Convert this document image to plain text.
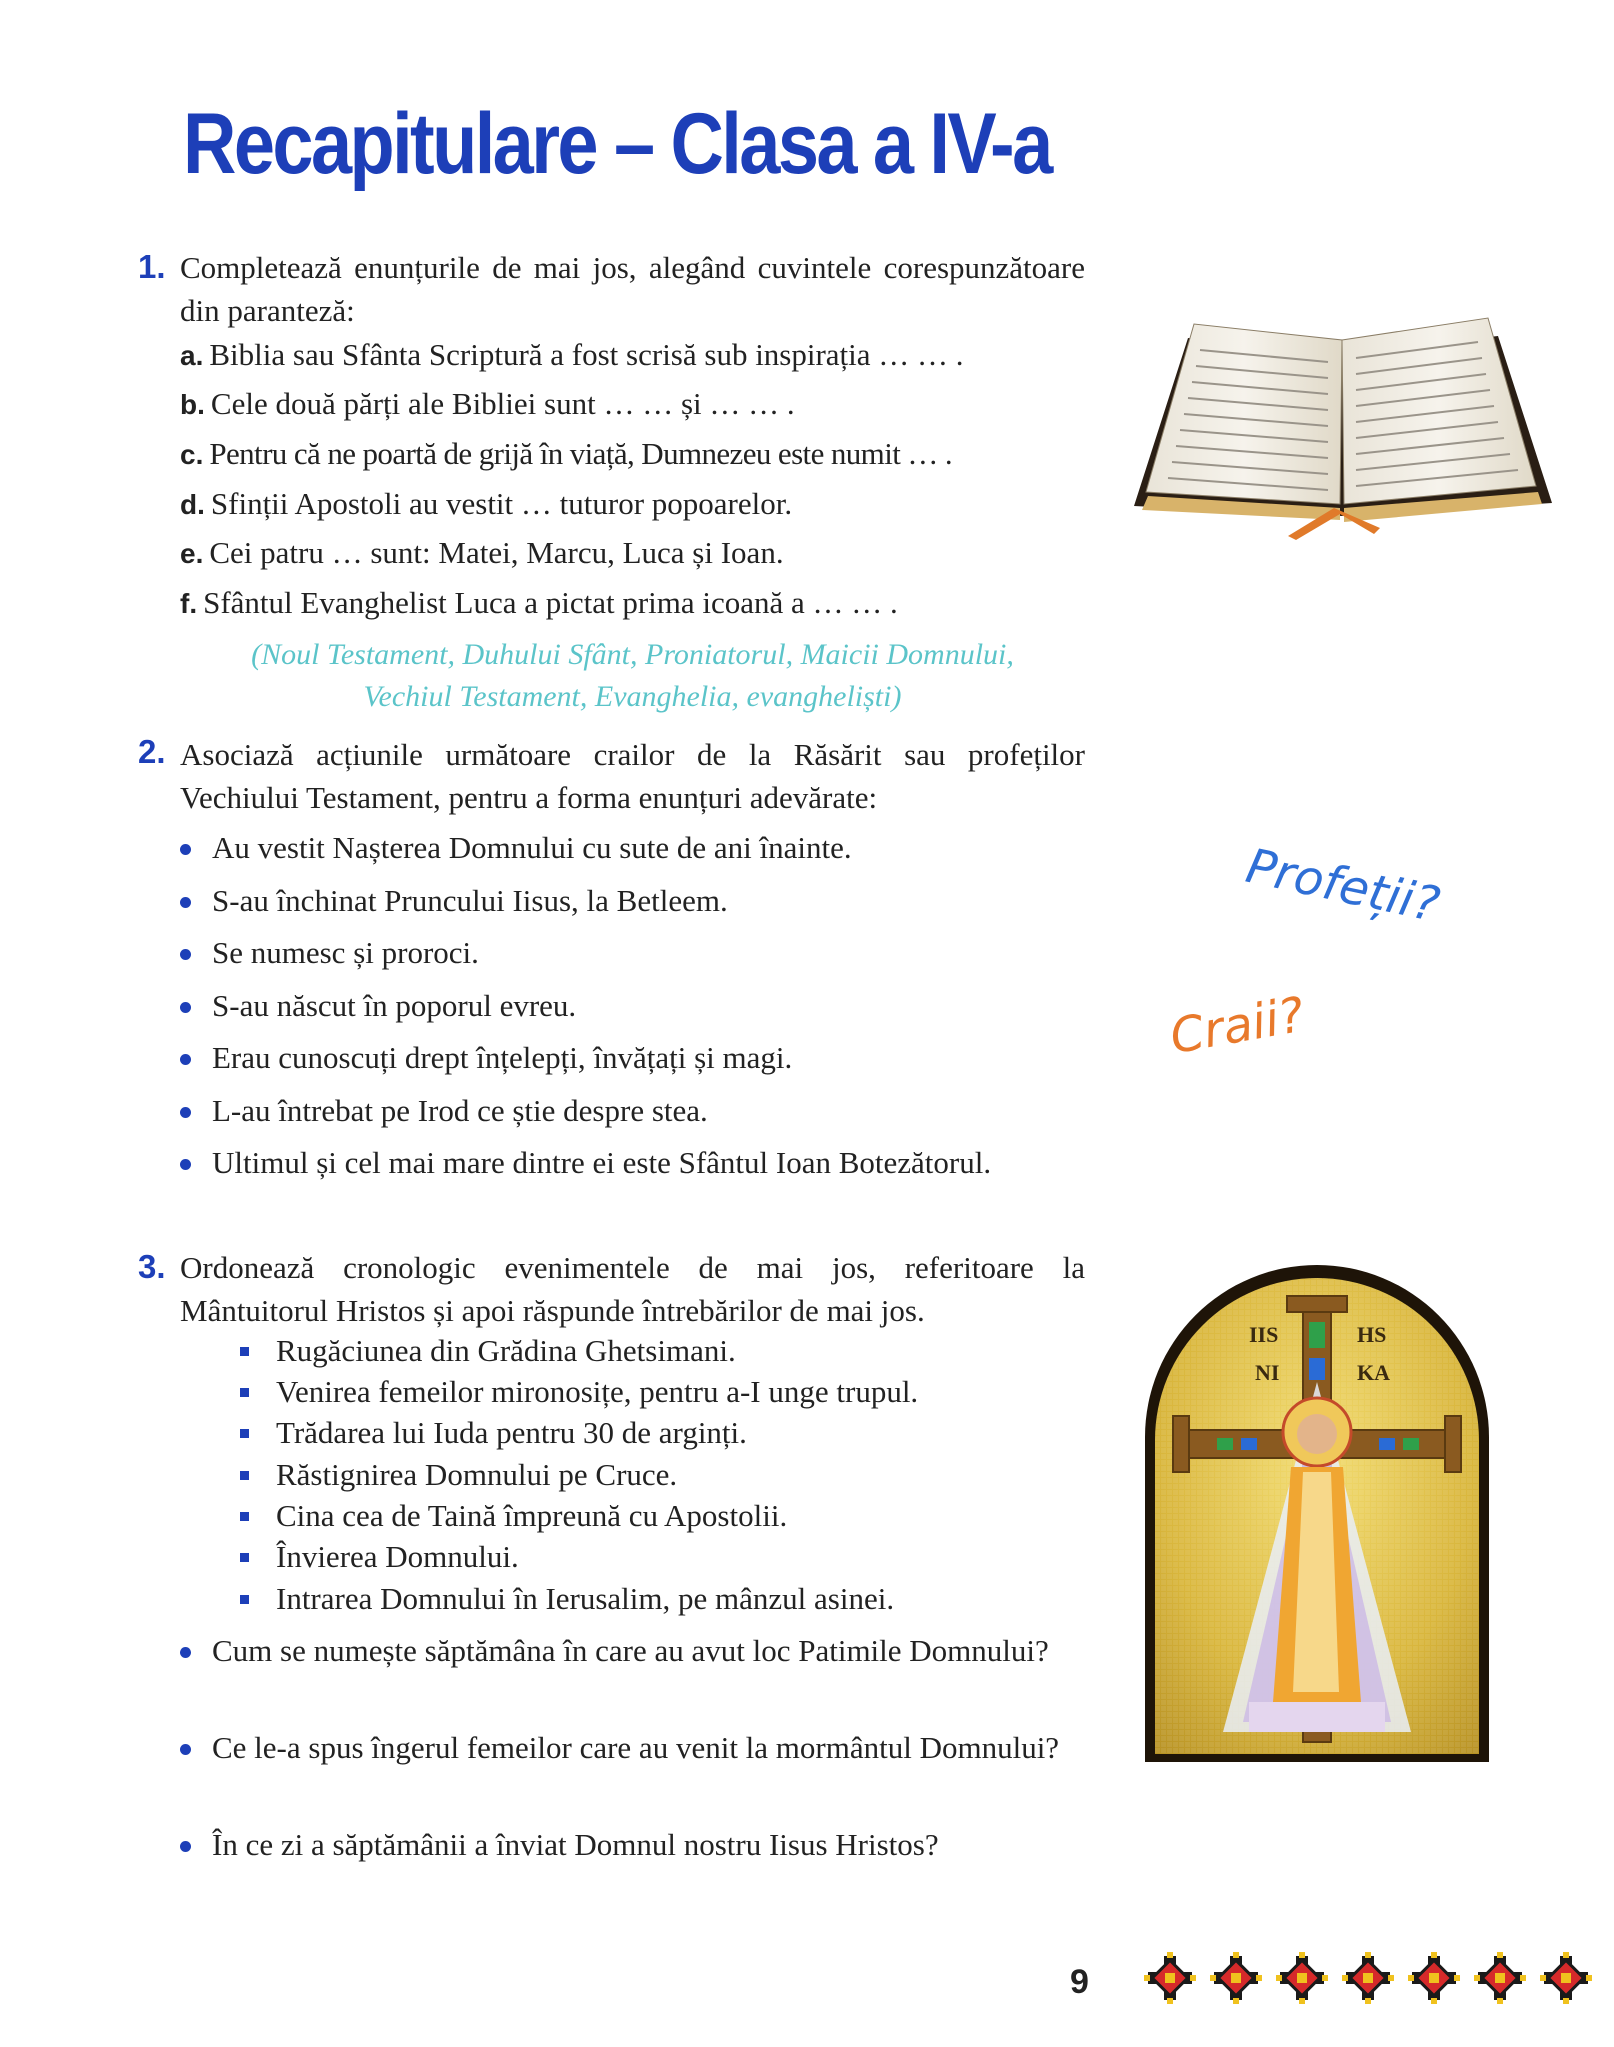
Recapitulare – Clasa a IV-a
1. Completează enunțurile de mai jos, alegând cuvintele corespunzătoare din paranteză:
a. Biblia sau Sfânta Scriptură a fost scrisă sub inspirația … … .
b. Cele două părți ale Bibliei sunt … … și … … .
c. Pentru că ne poartă de grijă în viață, Dumnezeu este numit … .
d. Sfinții Apostoli au vestit … tuturor popoarelor.
e. Cei patru … sunt: Matei, Marcu, Luca și Ioan.
f. Sfântul Evanghelist Luca a pictat prima icoană a … … .
(Noul Testament, Duhului Sfânt, Proniatorul, Maicii Domnului,
Vechiul Testament, Evanghelia, evangheliști)
2. Asociază acțiunile următoare crailor de la Răsărit sau profeților Vechiului Testament, pentru a forma enunțuri adevărate:
Au vestit Nașterea Domnului cu sute de ani înainte.
S-au închinat Pruncului Iisus, la Betleem.
Se numesc și proroci.
S-au născut în poporul evreu.
Erau cunoscuți drept înțelepți, învățați și magi.
L-au întrebat pe Irod ce știe despre stea.
Ultimul și cel mai mare dintre ei este Sfântul Ioan Botezătorul.
Profeții?
Craii?
3. Ordonează cronologic evenimentele de mai jos, referitoare la Mântuitorul Hristos și apoi răspunde întrebărilor de mai jos.
Rugăciunea din Grădina Ghetsimani.
Venirea femeilor mironosițe, pentru a-I unge trupul.
Trădarea lui Iuda pentru 30 de arginți.
Răstignirea Domnului pe Cruce.
Cina cea de Taină împreună cu Apostolii.
Învierea Domnului.
Intrarea Domnului în Ierusalim, pe mânzul asinei.
Cum se numește săptămâna în care au avut loc Patimile Domnului?
Ce le-a spus îngerul femeilor care au venit la mormântul Domnului?
În ce zi a săptămânii a înviat Domnul nostru Iisus Hristos?
IIS	HS
NI	KA
9
